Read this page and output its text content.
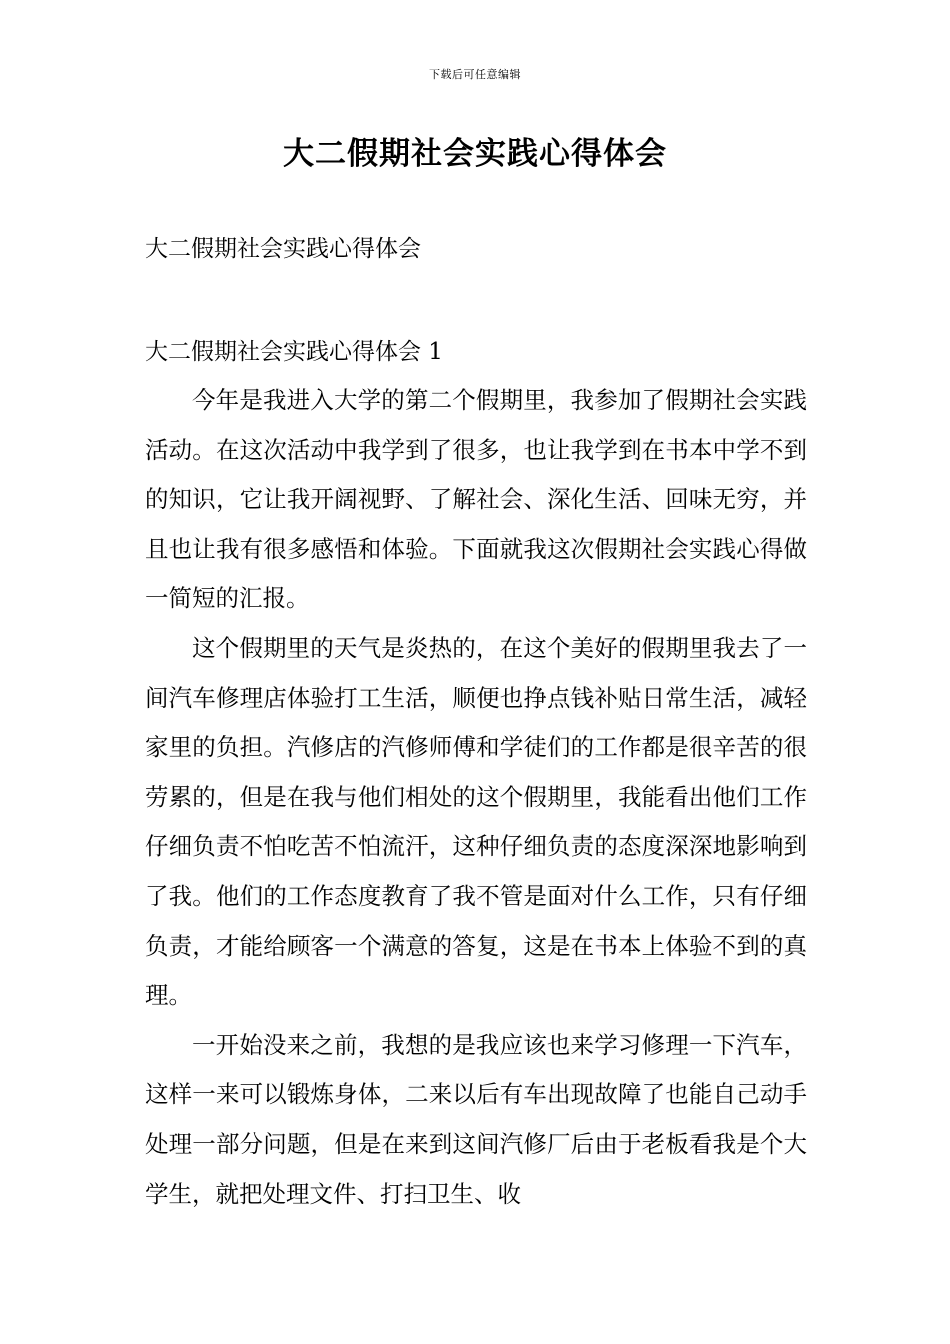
下载后可任意编辑
大二假期社会实践心得体会
大二假期社会实践心得体会
大二假期社会实践心得体会 1

今年是我进入大学的第二个假期里，我参加了假期社会实践活动。在这次活动中我学到了很多，也让我学到在书本中学不到的知识，它让我开阔视野、了解社会、深化生活、回味无穷，并且也让我有很多感悟和体验。下面就我这次假期社会实践心得做一简短的汇报。

这个假期里的天气是炎热的，在这个美好的假期里我去了一间汽车修理店体验打工生活，顺便也挣点钱补贴日常生活，减轻家里的负担。汽修店的汽修师傅和学徒们的工作都是很辛苦的很劳累的，但是在我与他们相处的这个假期里，我能看出他们工作仔细负责不怕吃苦不怕流汗，这种仔细负责的态度深深地影响到了我。他们的工作态度教育了我不管是面对什么工作，只有仔细负责，才能给顾客一个满意的答复，这是在书本上体验不到的真理。

一开始没来之前，我想的是我应该也来学习修理一下汽车，这样一来可以锻炼身体，二来以后有车出现故障了也能自己动手处理一部分问题，但是在来到这间汽修厂后由于老板看我是个大学生，就把处理文件、打扫卫生、收
